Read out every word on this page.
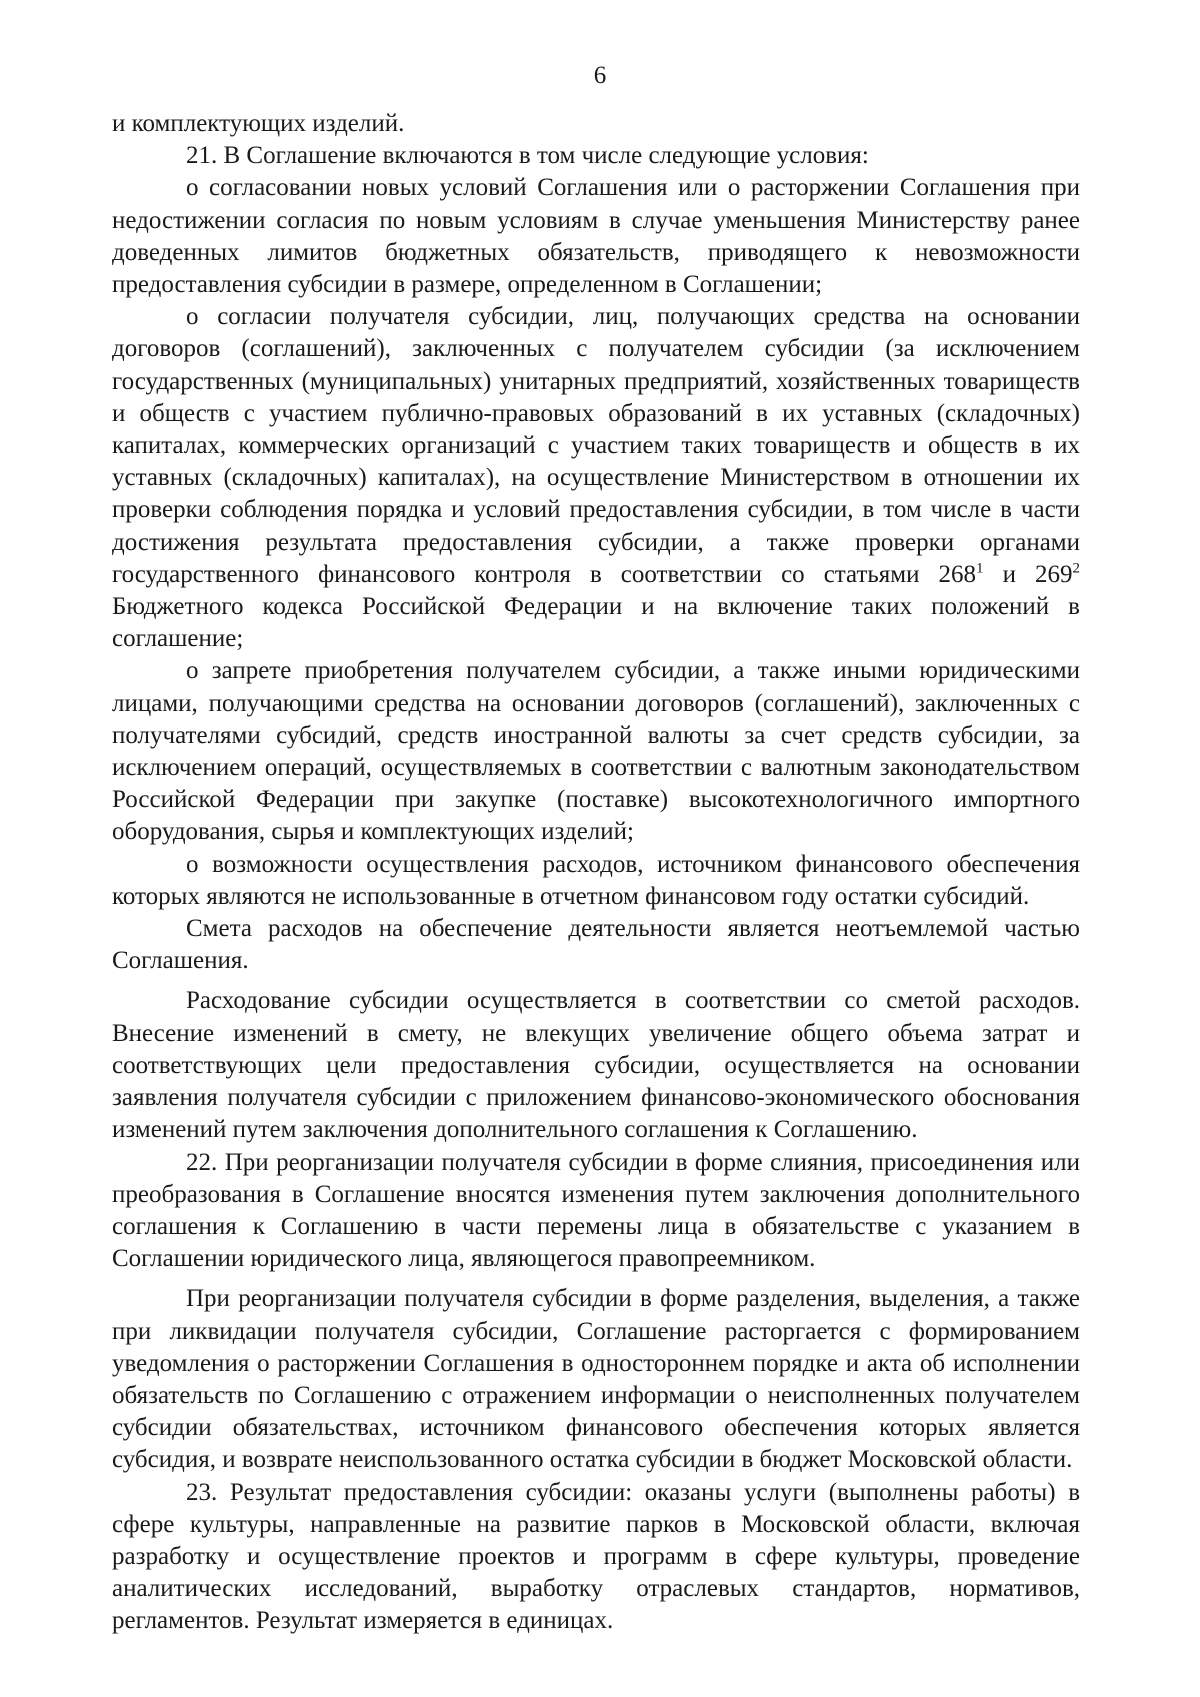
6

и комплектующих изделий.

21. В Соглашение включаются в том числе следующие условия:

о согласовании новых условий Соглашения или о расторжении Соглашения при недостижении согласия по новым условиям в случае уменьшения Министерству ранее доведенных лимитов бюджетных обязательств, приводящего к невозможности предоставления субсидии в размере, определенном в Соглашении;

о согласии получателя субсидии, лиц, получающих средства на основании договоров (соглашений), заключенных с получателем субсидии (за исключением государственных (муниципальных) унитарных предприятий, хозяйственных товариществ и обществ с участием публично-правовых образований в их уставных (складочных) капиталах, коммерческих организаций с участием таких товариществ и обществ в их уставных (складочных) капиталах), на осуществление Министерством в отношении их проверки соблюдения порядка и условий предоставления субсидии, в том числе в части достижения результата предоставления субсидии, а также проверки органами государственного финансового контроля в соответствии со статьями $268^1$ и $269^2$ Бюджетного кодекса Российской Федерации и на включение таких положений в соглашение;

о запрете приобретения получателем субсидии, а также иными юридическими лицами, получающими средства на основании договоров (соглашений), заключенных с получателями субсидий, средств иностранной валюты за счет средств субсидии, за исключением операций, осуществляемых в соответствии с валютным законодательством Российской Федерации при закупке (поставке) высокотехнологичного импортного оборудования, сырья и комплектующих изделий;

о возможности осуществления расходов, источником финансового обеспечения которых являются не использованные в отчетном финансовом году остатки субсидий.

Смета расходов на обеспечение деятельности является неотъемлемой частью Соглашения.

Расходование субсидии осуществляется в соответствии со сметой расходов. Внесение изменений в смету, не влекущих увеличение общего объема затрат и соответствующих цели предоставления субсидии, осуществляется на основании заявления получателя субсидии с приложением финансово-экономического обоснования изменений путем заключения дополнительного соглашения к Соглашению.

22. При реорганизации получателя субсидии в форме слияния, присоединения или преобразования в Соглашение вносятся изменения путем заключения дополнительного соглашения к Соглашению в части перемены лица в обязательстве с указанием в Соглашении юридического лица, являющегося правопреемником.

При реорганизации получателя субсидии в форме разделения, выделения, а также при ликвидации получателя субсидии, Соглашение расторгается с формированием уведомления о расторжении Соглашения в одностороннем порядке и акта об исполнении обязательств по Соглашению с отражением информации о неисполненных получателем субсидии обязательствах, источником финансового обеспечения которых является субсидия, и возврате неиспользованного остатка субсидии в бюджет Московской области.

23. Результат предоставления субсидии: оказаны услуги (выполнены работы) в сфере культуры, направленные на развитие парков в Московской области, включая разработку и осуществление проектов и программ в сфере культуры, проведение аналитических исследований, выработку отраслевых стандартов, нормативов, регламентов. Результат измеряется в единицах.
